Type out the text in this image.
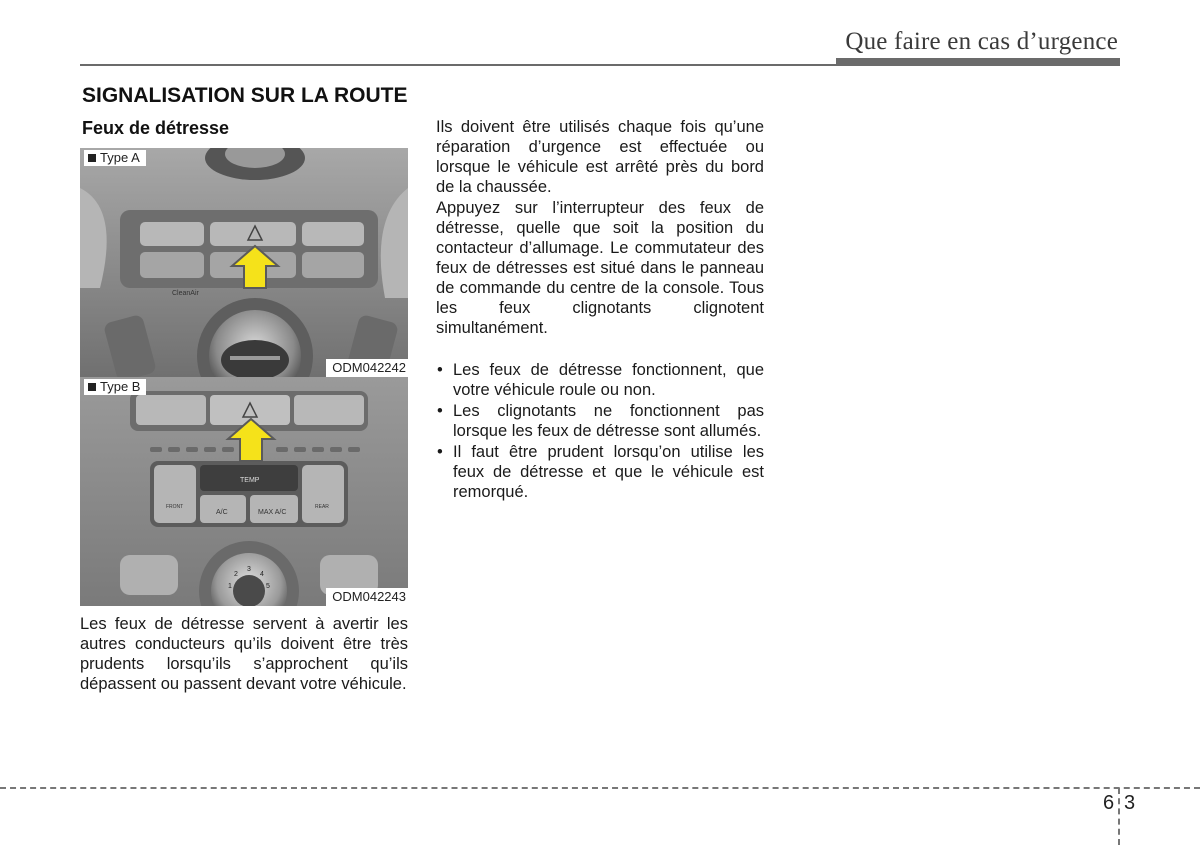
Que faire en cas d’urgence
SIGNALISATION SUR LA ROUTE
Feux de détresse
CleanAir
Type A
ODM042242
TEMP
A/C	MAX A/C
FRONT	REAR
1
2
3
4
5
Type B
ODM042243

Les feux de détresse servent à avertir les autres conducteurs qu’ils doivent être très prudents lorsqu’ils s’approchent qu’ils dépassent ou passent devant votre véhicule.

Ils doivent être utilisés chaque fois qu’une réparation d’urgence est effectuée ou lorsque le véhicule est arrêté près du bord de la chaussée.

Appuyez sur l’interrupteur des feux de détresse, quelle que soit la position du contacteur d’allumage. Le commutateur des feux de détresses est situé dans le panneau de commande du centre de la console. Tous les feux clignotants clignotent simultanément.

• Les feux de détresse fonctionnent, que votre véhicule roule ou non.
• Les clignotants ne fonctionnent pas lorsque les feux de détresse sont allumés.
• Il faut être prudent lorsqu’on utilise les feux de détresse et que le véhicule est remorqué.
6 3
